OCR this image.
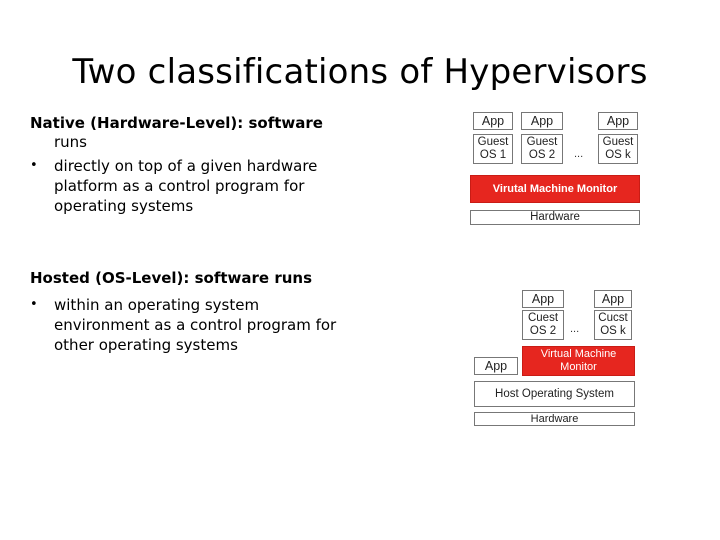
Two classifications of Hypervisors
Native (Hardware-Level): software
runs
• directly on top of a given hardware platform as a control program for operating systems
Hosted (OS-Level): software runs
• within an operating system environment as a control program for other operating systems
App	App	App
Guest
OS 1
Guest
OS 2	...
Guest
OS k
Virutal Machine Monitor
Hardware
App	App
Cuest
OS 2	...
Cucst
OS k
App
Virtual Machine
Monitor
Host Operating System
Hardware
